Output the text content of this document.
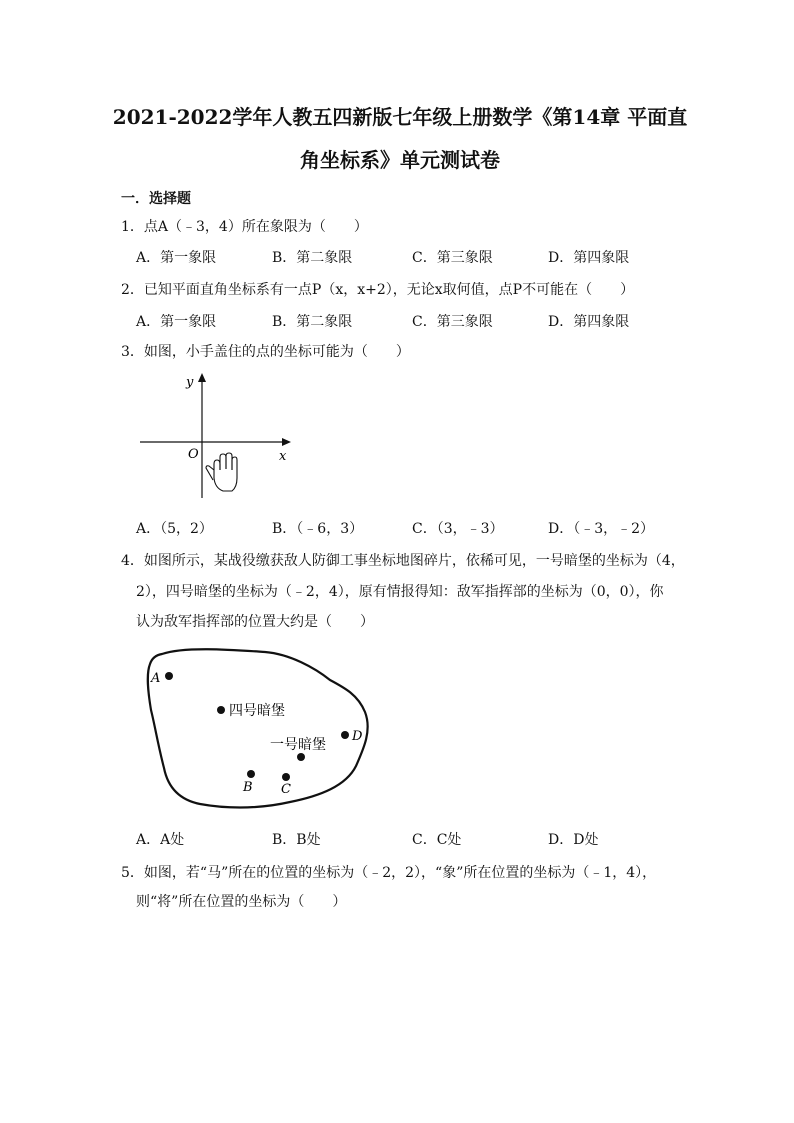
2021-2022学年人教五四新版七年级上册数学《第14章 平面直
角坐标系》单元测试卷
一．选择题
1．点A（﹣3，4）所在象限为（　　）
A．第一象限	B．第二象限	C．第三象限	D．第四象限
2．已知平面直角坐标系有一点P（x，x+2），无论x取何值，点P不可能在（　　）
A．第一象限	B．第二象限	C．第三象限	D．第四象限
3．如图，小手盖住的点的坐标可能为（　　）
y
x
O
A．（5，2）	B．（﹣6，3）	C．（3，﹣3）	D．（﹣3，﹣2）
4．如图所示，某战役缴获敌人防御工事坐标地图碎片，依稀可见，一号暗堡的坐标为（4，
2），四号暗堡的坐标为（﹣2，4），原有情报得知：敌军指挥部的坐标为（0，0），你
认为敌军指挥部的位置大约是（　　）
A
四号暗堡
D
一号暗堡
B C
A．A处	B．B处	C．C处	D．D处
5．如图，若“马”所在的位置的坐标为（﹣2，2），“象”所在位置的坐标为（﹣1，4），
则“将”所在位置的坐标为（　　）
